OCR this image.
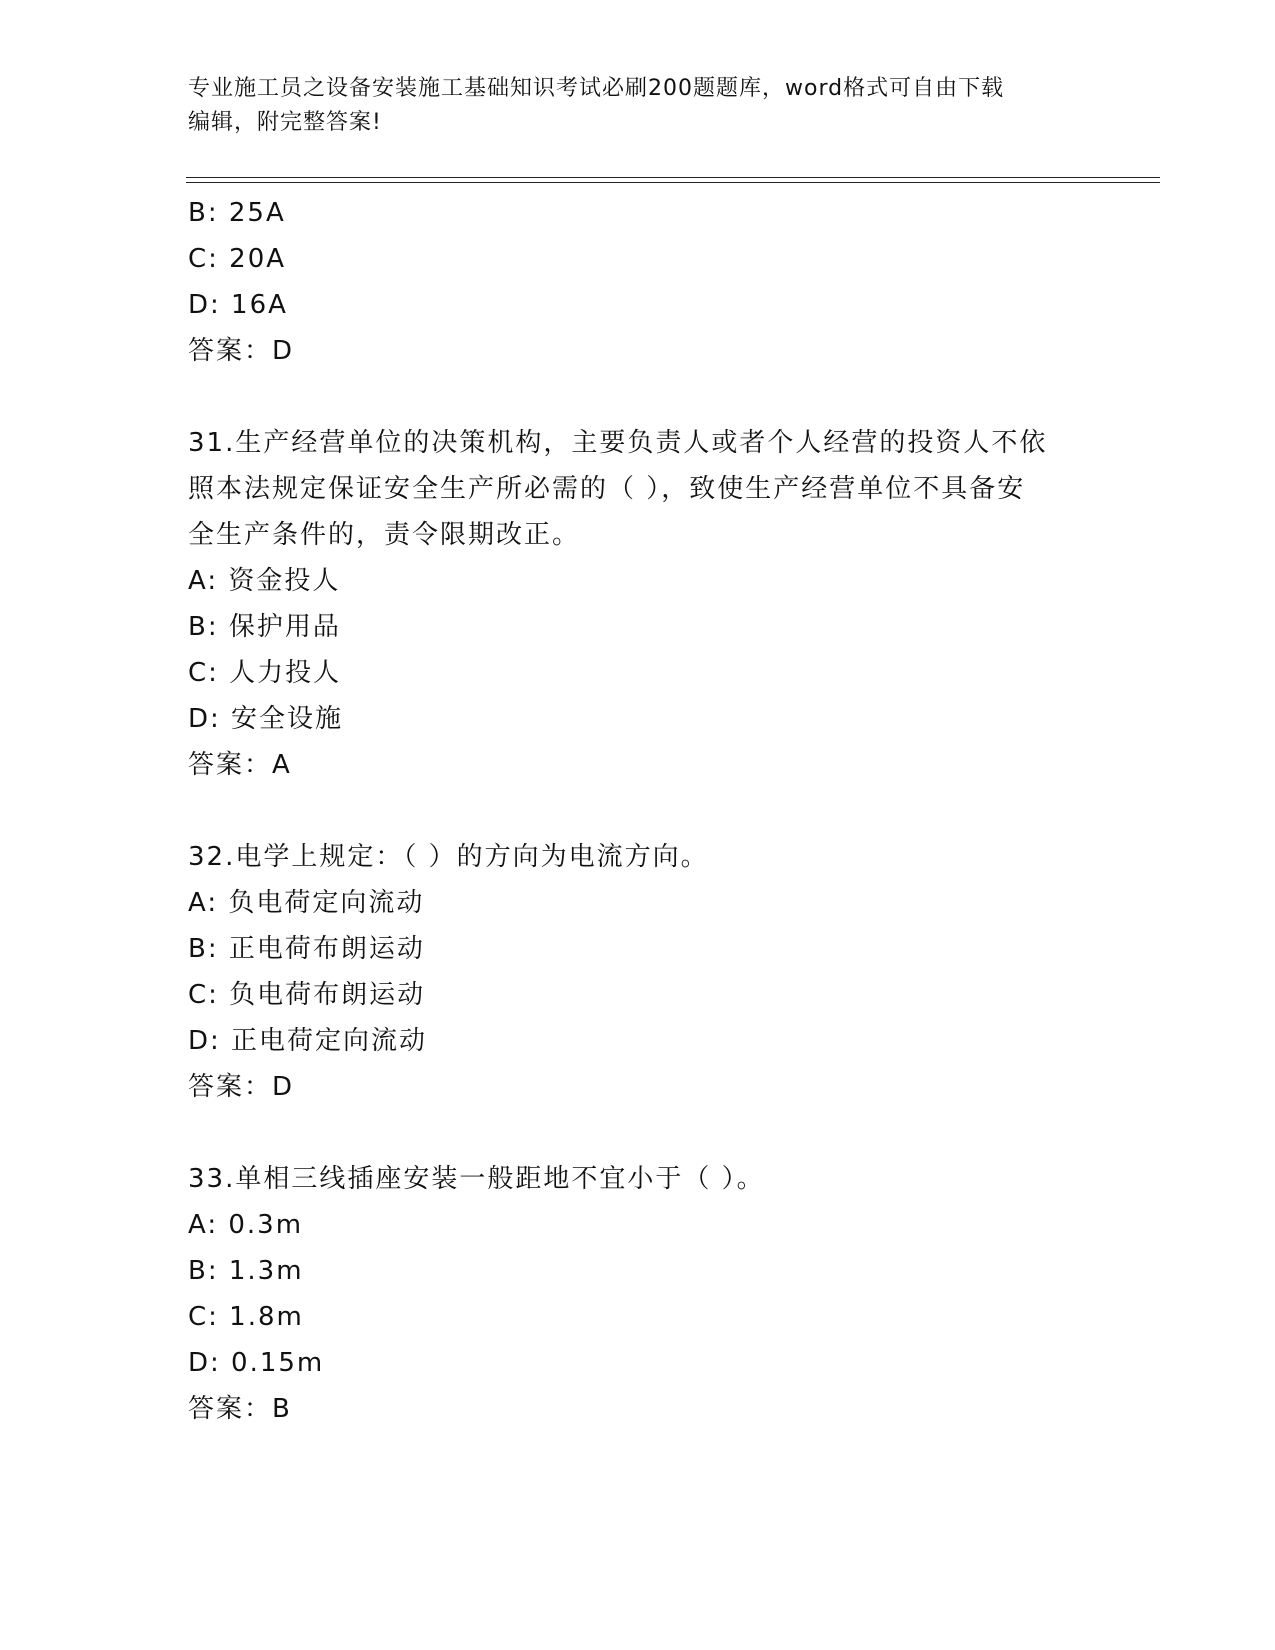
专业施工员之设备安装施工基础知识考试必刷200题题库，word格式可自由下载
编辑，附完整答案!
B: 25A
C: 20A
D: 16A
答案：D
31.生产经营单位的决策机构，主要负责人或者个人经营的投资人不依
照本法规定保证安全生产所必需的（ ），致使生产经营单位不具备安
全生产条件的，责令限期改正。
A: 资金投人
B: 保护用品
C: 人力投人
D: 安全设施
答案：A
32.电学上规定：（ ）的方向为电流方向。
A: 负电荷定向流动
B: 正电荷布朗运动
C: 负电荷布朗运动
D: 正电荷定向流动
答案：D
33.单相三线插座安装一般距地不宜小于（ ）。
A: 0.3m
B: 1.3m
C: 1.8m
D: 0.15m
答案：B
